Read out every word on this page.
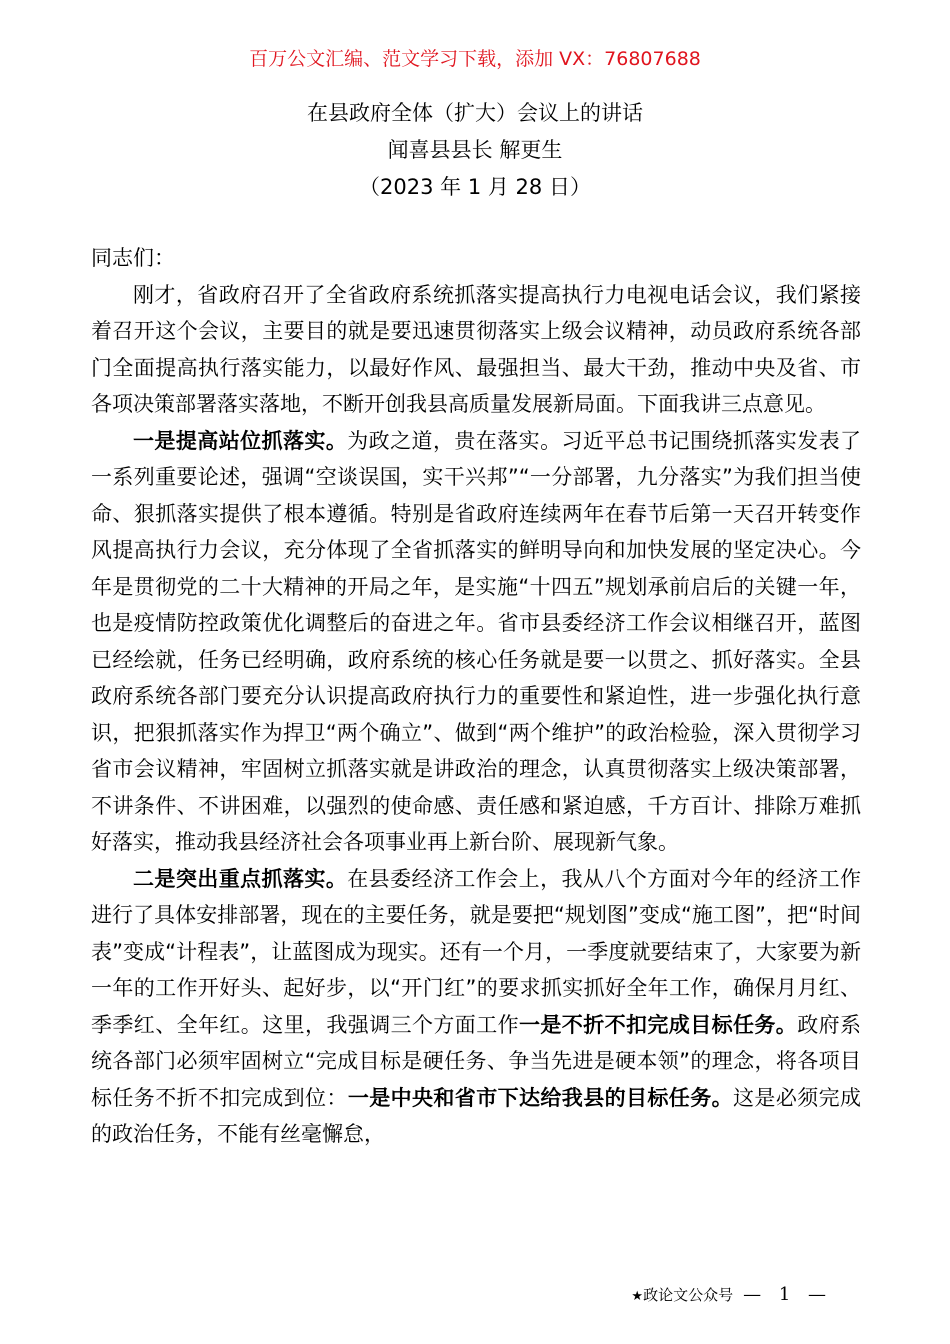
百万公文汇编、范文学习下载，添加 VX：76807688
在县政府全体（扩大）会议上的讲话
闻喜县县长 解更生
（2023 年 1 月 28 日）

同志们：

刚才，省政府召开了全省政府系统抓落实提高执行力电视电话会议，我们紧接着召开这个会议，主要目的就是要迅速贯彻落实上级会议精神，动员政府系统各部门全面提高执行落实能力，以最好作风、最强担当、最大干劲，推动中央及省、市各项决策部署落实落地，不断开创我县高质量发展新局面。下面我讲三点意见。

一是提高站位抓落实。为政之道，贵在落实。习近平总书记围绕抓落实发表了一系列重要论述，强调“空谈误国，实干兴邦”“一分部署，九分落实”为我们担当使命、狠抓落实提供了根本遵循。特别是省政府连续两年在春节后第一天召开转变作风提高执行力会议，充分体现了全省抓落实的鲜明导向和加快发展的坚定决心。今年是贯彻党的二十大精神的开局之年，是实施“十四五”规划承前启后的关键一年，也是疫情防控政策优化调整后的奋进之年。省市县委经济工作会议相继召开，蓝图已经绘就，任务已经明确，政府系统的核心任务就是要一以贯之、抓好落实。全县政府系统各部门要充分认识提高政府执行力的重要性和紧迫性，进一步强化执行意识，把狠抓落实作为捍卫“两个确立”、做到“两个维护”的政治检验，深入贯彻学习省市会议精神，牢固树立抓落实就是讲政治的理念，认真贯彻落实上级决策部署，不讲条件、不讲困难，以强烈的使命感、责任感和紧迫感，千方百计、排除万难抓好落实，推动我县经济社会各项事业再上新台阶、展现新气象。

二是突出重点抓落实。在县委经济工作会上，我从八个方面对今年的经济工作进行了具体安排部署，现在的主要任务，就是要把“规划图”变成“施工图”，把“时间表”变成“计程表”，让蓝图成为现实。还有一个月，一季度就要结束了，大家要为新一年的工作开好头、起好步，以“开门红”的要求抓实抓好全年工作，确保月月红、季季红、全年红。这里，我强调三个方面工作一是不折不扣完成目标任务。政府系统各部门必须牢固树立“完成目标是硬任务、争当先进是硬本领”的理念，将各项目标任务不折不扣完成到位：一是中央和省市下达给我县的目标任务。这是必须完成的政治任务，不能有丝毫懈怠，

★政论文公众号 — 1 —
